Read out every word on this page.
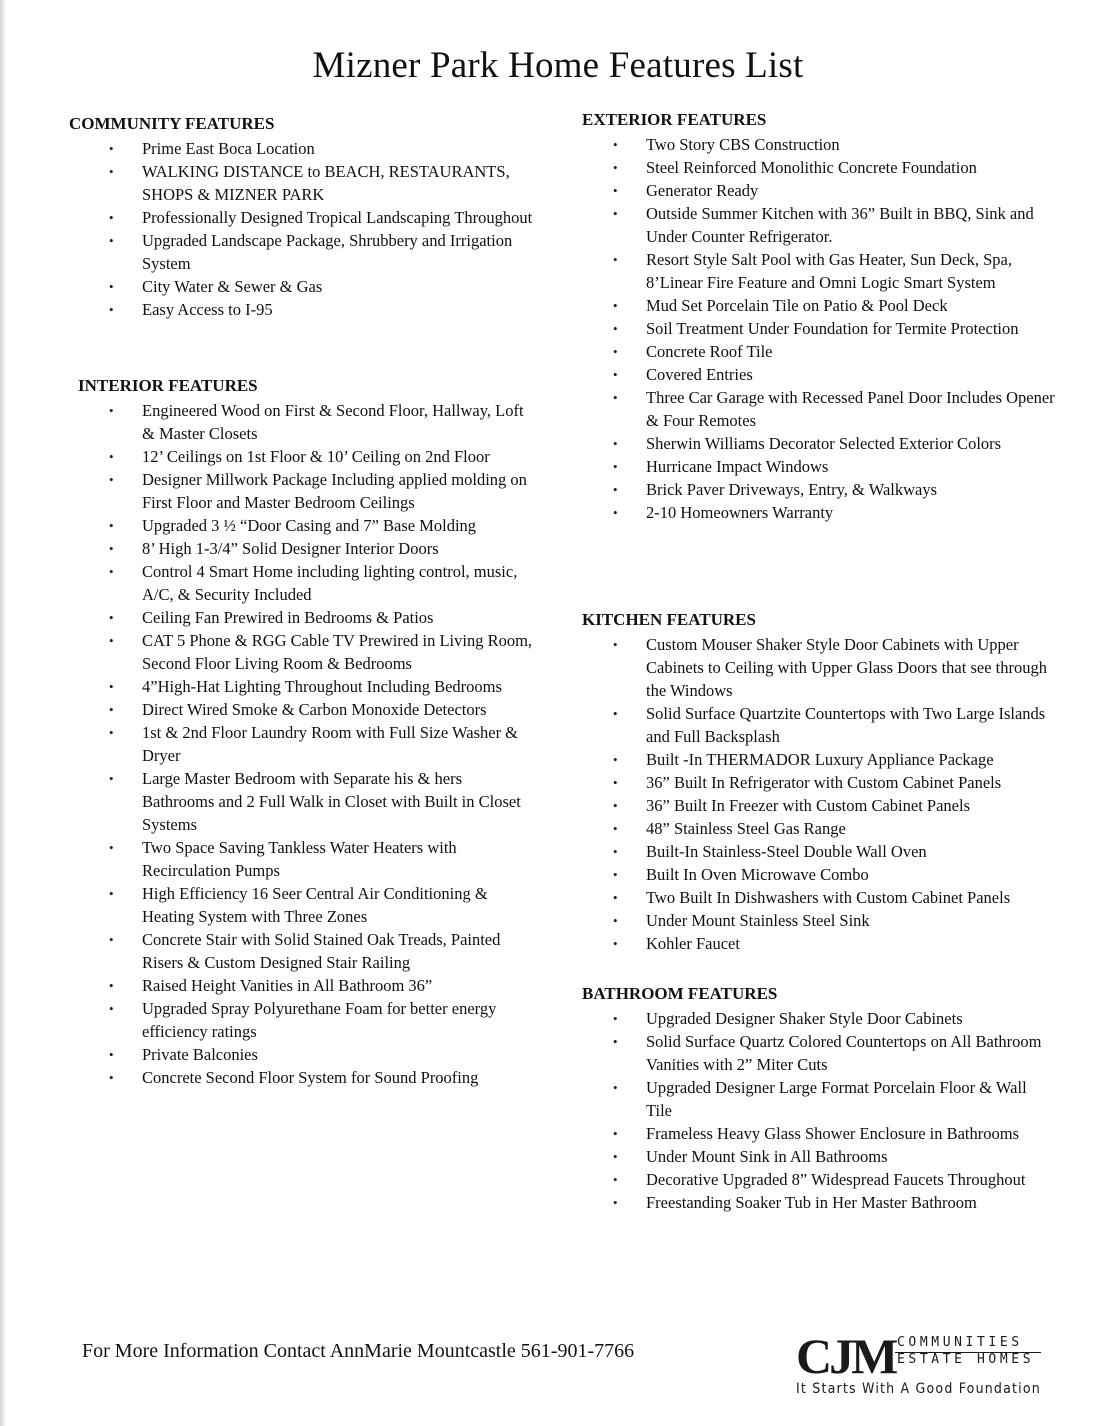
Mizner Park Home Features List
COMMUNITY FEATURES
• Prime East Boca Location
• WALKING DISTANCE to BEACH, RESTAURANTS, SHOPS & MIZNER PARK
• Professionally Designed Tropical Landscaping Throughout
• Upgraded Landscape Package, Shrubbery and Irrigation System
• City Water & Sewer & Gas
• Easy Access to I-95
INTERIOR FEATURES
• Engineered Wood on First & Second Floor, Hallway, Loft & Master Closets
• 12’ Ceilings on 1st Floor & 10’ Ceiling on 2nd Floor
• Designer Millwork Package Including applied molding on First Floor and Master Bedroom Ceilings
• Upgraded 3 ½ “Door Casing and 7” Base Molding
• 8’ High 1-3/4” Solid Designer Interior Doors
• Control 4 Smart Home including lighting control, music, A/C, & Security Included
• Ceiling Fan Prewired in Bedrooms & Patios
• CAT 5 Phone & RGG Cable TV Prewired in Living Room, Second Floor Living Room & Bedrooms
• 4”High-Hat Lighting Throughout Including Bedrooms
• Direct Wired Smoke & Carbon Monoxide Detectors
• 1st & 2nd Floor Laundry Room with Full Size Washer & Dryer
• Large Master Bedroom with Separate his & hers Bathrooms and 2 Full Walk in Closet with Built in Closet Systems
• Two Space Saving Tankless Water Heaters with Recirculation Pumps
• High Efficiency 16 Seer Central Air Conditioning & Heating System with Three Zones
• Concrete Stair with Solid Stained Oak Treads, Painted Risers & Custom Designed Stair Railing
• Raised Height Vanities in All Bathroom 36”
• Upgraded Spray Polyurethane Foam for better energy efficiency ratings
• Private Balconies
• Concrete Second Floor System for Sound Proofing
EXTERIOR FEATURES
• Two Story CBS Construction
• Steel Reinforced Monolithic Concrete Foundation
• Generator Ready
• Outside Summer Kitchen with 36” Built in BBQ, Sink and Under Counter Refrigerator.
• Resort Style Salt Pool with Gas Heater, Sun Deck, Spa, 8’Linear Fire Feature and Omni Logic Smart System
• Mud Set Porcelain Tile on Patio & Pool Deck
• Soil Treatment Under Foundation for Termite Protection
• Concrete Roof Tile
• Covered Entries
• Three Car Garage with Recessed Panel Door Includes Opener & Four Remotes
• Sherwin Williams Decorator Selected Exterior Colors
• Hurricane Impact Windows
• Brick Paver Driveways, Entry, & Walkways
• 2-10 Homeowners Warranty
KITCHEN FEATURES
• Custom Mouser Shaker Style Door Cabinets with Upper Cabinets to Ceiling with Upper Glass Doors that see through the Windows
• Solid Surface Quartzite Countertops with Two Large Islands and Full Backsplash
• Built -In THERMADOR Luxury Appliance Package
• 36” Built In Refrigerator with Custom Cabinet Panels
• 36” Built In Freezer with Custom Cabinet Panels
• 48” Stainless Steel Gas Range
• Built-In Stainless-Steel Double Wall Oven
• Built In Oven Microwave Combo
• Two Built In Dishwashers with Custom Cabinet Panels
• Under Mount Stainless Steel Sink
• Kohler Faucet
BATHROOM FEATURES
• Upgraded Designer Shaker Style Door Cabinets
• Solid Surface Quartz Colored Countertops on All Bathroom Vanities with 2” Miter Cuts
• Upgraded Designer Large Format Porcelain Floor & Wall Tile
• Frameless Heavy Glass Shower Enclosure in Bathrooms
• Under Mount Sink in All Bathrooms
• Decorative Upgraded 8” Widespread Faucets Throughout
• Freestanding Soaker Tub in Her Master Bathroom
For More Information Contact AnnMarie Mountcastle 561-901-7766	CJM COMMUNITIES
ESTATE HOMES
It Starts With A Good Foundation
